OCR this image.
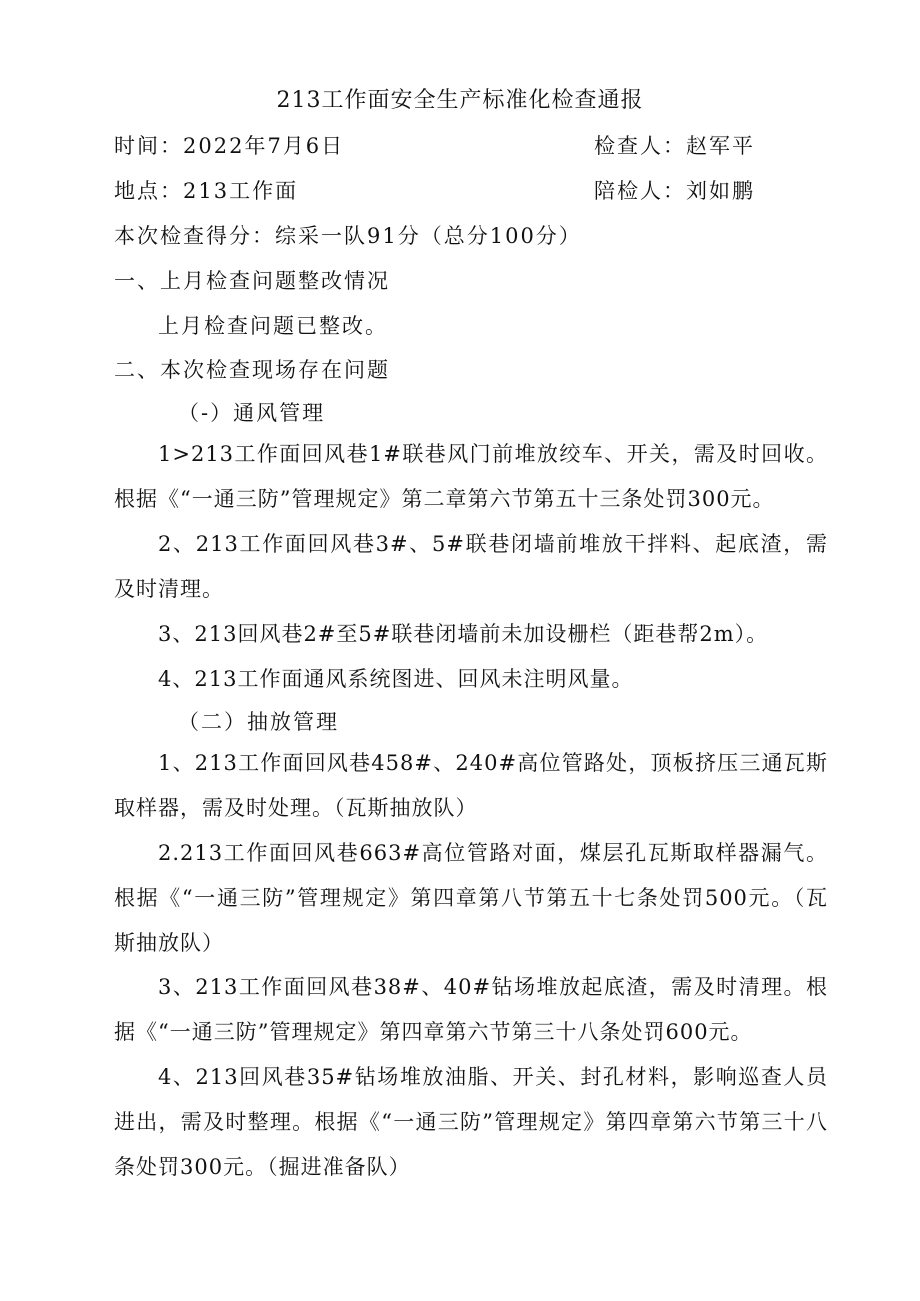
213工作面安全生产标准化检查通报
时间：2022年7月6日	检查人：赵军平
地点：213工作面	陪检人：刘如鹏
本次检查得分：综采一队91分（总分100分）
一、上月检查问题整改情况
上月检查问题已整改。
二、本次检查现场存在问题
（-）通风管理
1>213工作面回风巷1#联巷风门前堆放绞车、开关，需及时回收。根据《“一通三防”管理规定》第二章第六节第五十三条处罚300元。
2、213工作面回风巷3#、5#联巷闭墙前堆放干拌料、起底渣，需及时清理。
3、213回风巷2#至5#联巷闭墙前未加设栅栏（距巷帮2m）。
4、213工作面通风系统图进、回风未注明风量。
（二）抽放管理
1、213工作面回风巷458#、240#高位管路处，顶板挤压三通瓦斯取样器，需及时处理。（瓦斯抽放队）
2.213工作面回风巷663#高位管路对面，煤层孔瓦斯取样器漏气。根据《“一通三防”管理规定》第四章第八节第五十七条处罚500元。（瓦斯抽放队）
3、213工作面回风巷38#、40#钻场堆放起底渣，需及时清理。根据《“一通三防”管理规定》第四章第六节第三十八条处罚600元。
4、213回风巷35#钻场堆放油脂、开关、封孔材料，影响巡查人员进出，需及时整理。根据《“一通三防”管理规定》第四章第六节第三十八条处罚300元。（掘进准备队）
